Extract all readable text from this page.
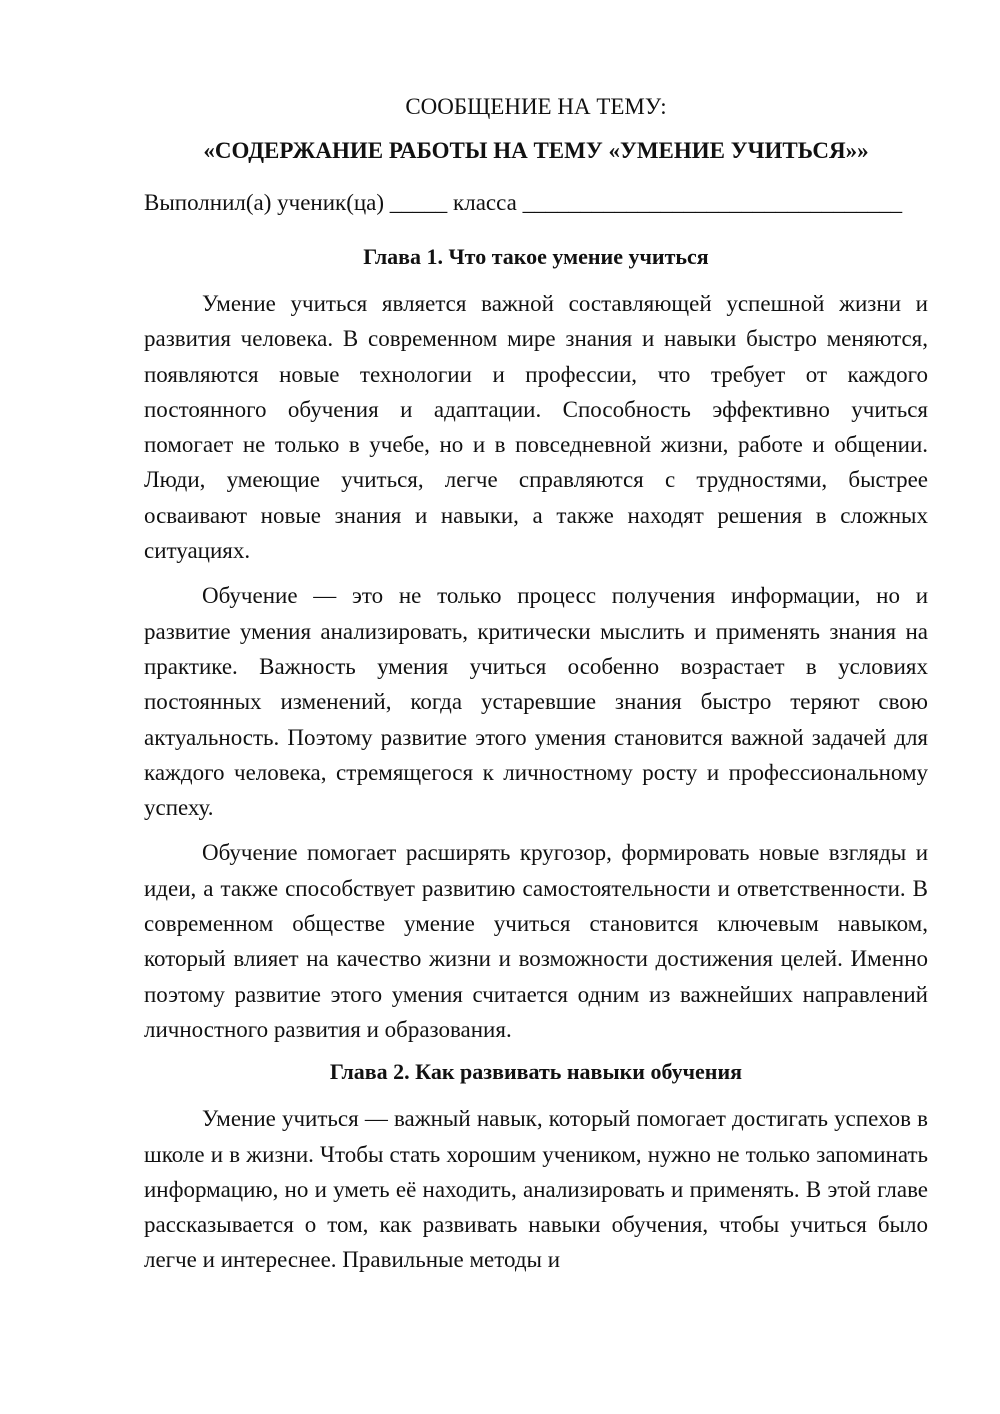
СООБЩЕНИЕ НА ТЕМУ:
«СОДЕРЖАНИЕ РАБОТЫ НА ТЕМУ «УМЕНИЕ УЧИТЬСЯ»»
Выполнил(а) ученик(ца) _____ класса _________________________________
Глава 1. Что такое умение учиться

Умение учиться является важной составляющей успешной жизни и развития человека. В современном мире знания и навыки быстро меняются, появляются новые технологии и профессии, что требует от каждого постоянного обучения и адаптации. Способность эффективно учиться помогает не только в учебе, но и в повседневной жизни, работе и общении. Люди, умеющие учиться, легче справляются с трудностями, быстрее осваивают новые знания и навыки, а также находят решения в сложных ситуациях.

Обучение — это не только процесс получения информации, но и развитие умения анализировать, критически мыслить и применять знания на практике. Важность умения учиться особенно возрастает в условиях постоянных изменений, когда устаревшие знания быстро теряют свою актуальность. Поэтому развитие этого умения становится важной задачей для каждого человека, стремящегося к личностному росту и профессиональному успеху.

Обучение помогает расширять кругозор, формировать новые взгляды и идеи, а также способствует развитию самостоятельности и ответственности. В современном обществе умение учиться становится ключевым навыком, который влияет на качество жизни и возможности достижения целей. Именно поэтому развитие этого умения считается одним из важнейших направлений личностного развития и образования.

Глава 2. Как развивать навыки обучения

Умение учиться — важный навык, который помогает достигать успехов в школе и в жизни. Чтобы стать хорошим учеником, нужно не только запоминать информацию, но и уметь её находить, анализировать и применять. В этой главе рассказывается о том, как развивать навыки обучения, чтобы учиться было легче и интереснее. Правильные методы и
